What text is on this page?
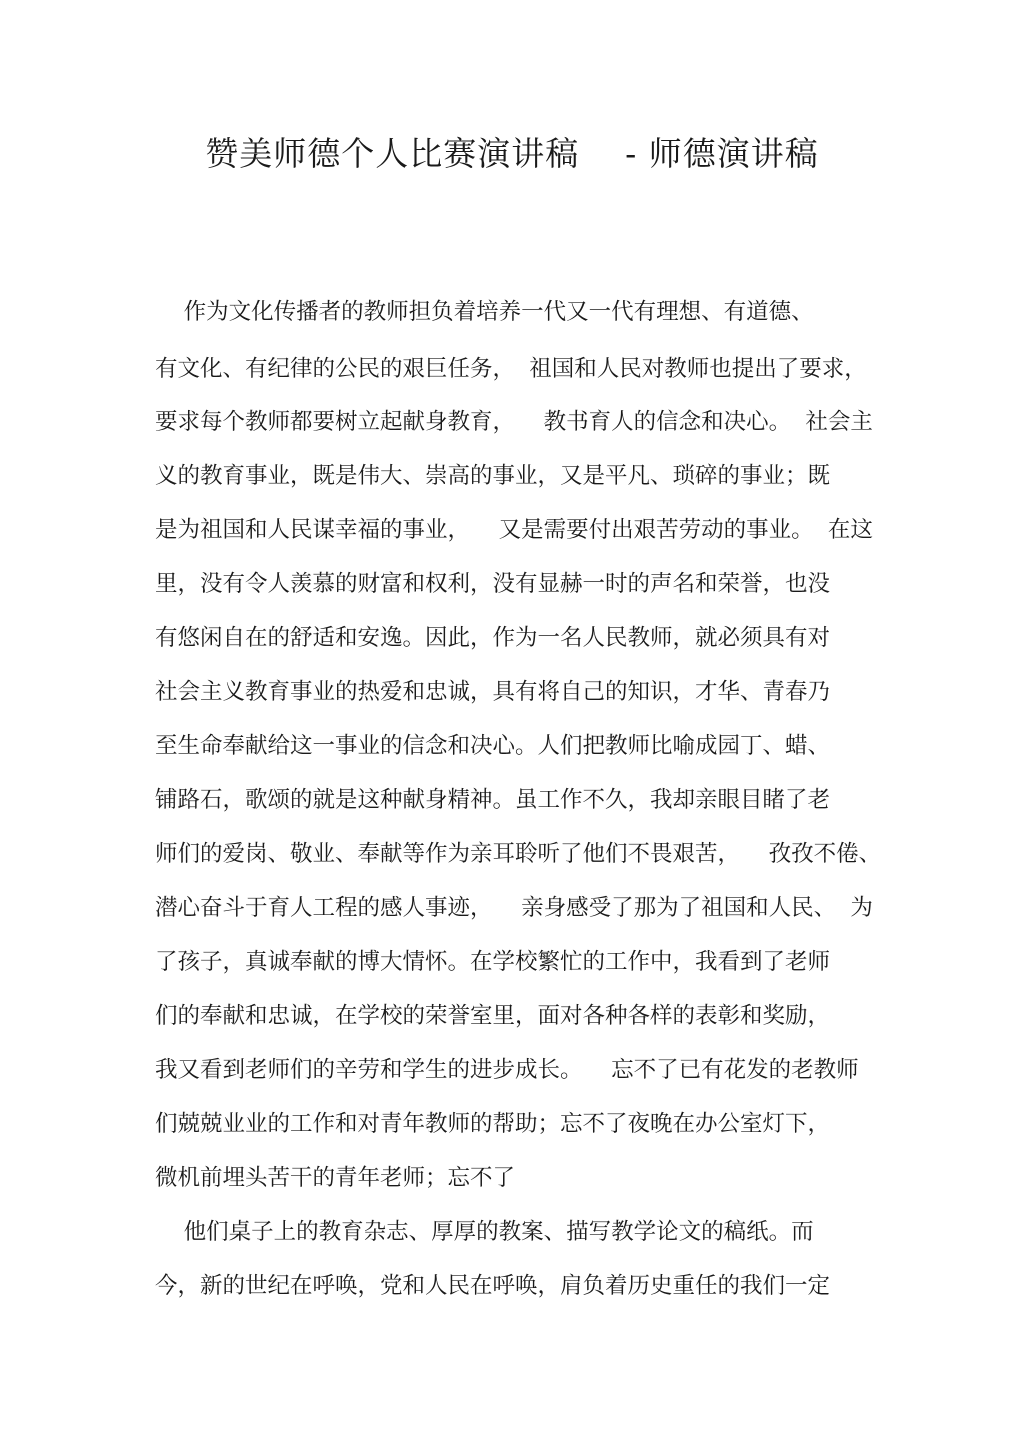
赞美师德个人比赛演讲稿    - 师德演讲稿
作为文化传播者的教师担负着培养一代又一代有理想、有道德、
有文化、有纪律的公民的艰巨任务，  祖国和人民对教师也提出了要求，
要求每个教师都要树立起献身教育，    教书育人的信念和决心。  社会主
义的教育事业，既是伟大、崇高的事业，又是平凡、琐碎的事业；既
是为祖国和人民谋幸福的事业，    又是需要付出艰苦劳动的事业。  在这
里，没有令人羡慕的财富和权利，没有显赫一时的声名和荣誉，也没
有悠闲自在的舒适和安逸。因此，作为一名人民教师，就必须具有对
社会主义教育事业的热爱和忠诚，具有将自己的知识，才华、青春乃
至生命奉献给这一事业的信念和决心。人们把教师比喻成园丁、蜡、
铺路石，歌颂的就是这种献身精神。虽工作不久，我却亲眼目睹了老
师们的爱岗、敬业、奉献等作为亲耳聆听了他们不畏艰苦，    孜孜不倦、
潜心奋斗于育人工程的感人事迹，    亲身感受了那为了祖国和人民、  为
了孩子，真诚奉献的博大情怀。在学校繁忙的工作中，我看到了老师
们的奉献和忠诚，在学校的荣誉室里，面对各种各样的表彰和奖励，
我又看到老师们的辛劳和学生的进步成长。    忘不了已有花发的老教师
们兢兢业业的工作和对青年教师的帮助；忘不了夜晚在办公室灯下，
微机前埋头苦干的青年老师；忘不了
他们桌子上的教育杂志、厚厚的教案、描写教学论文的稿纸。而
今，新的世纪在呼唤，党和人民在呼唤，肩负着历史重任的我们一定
